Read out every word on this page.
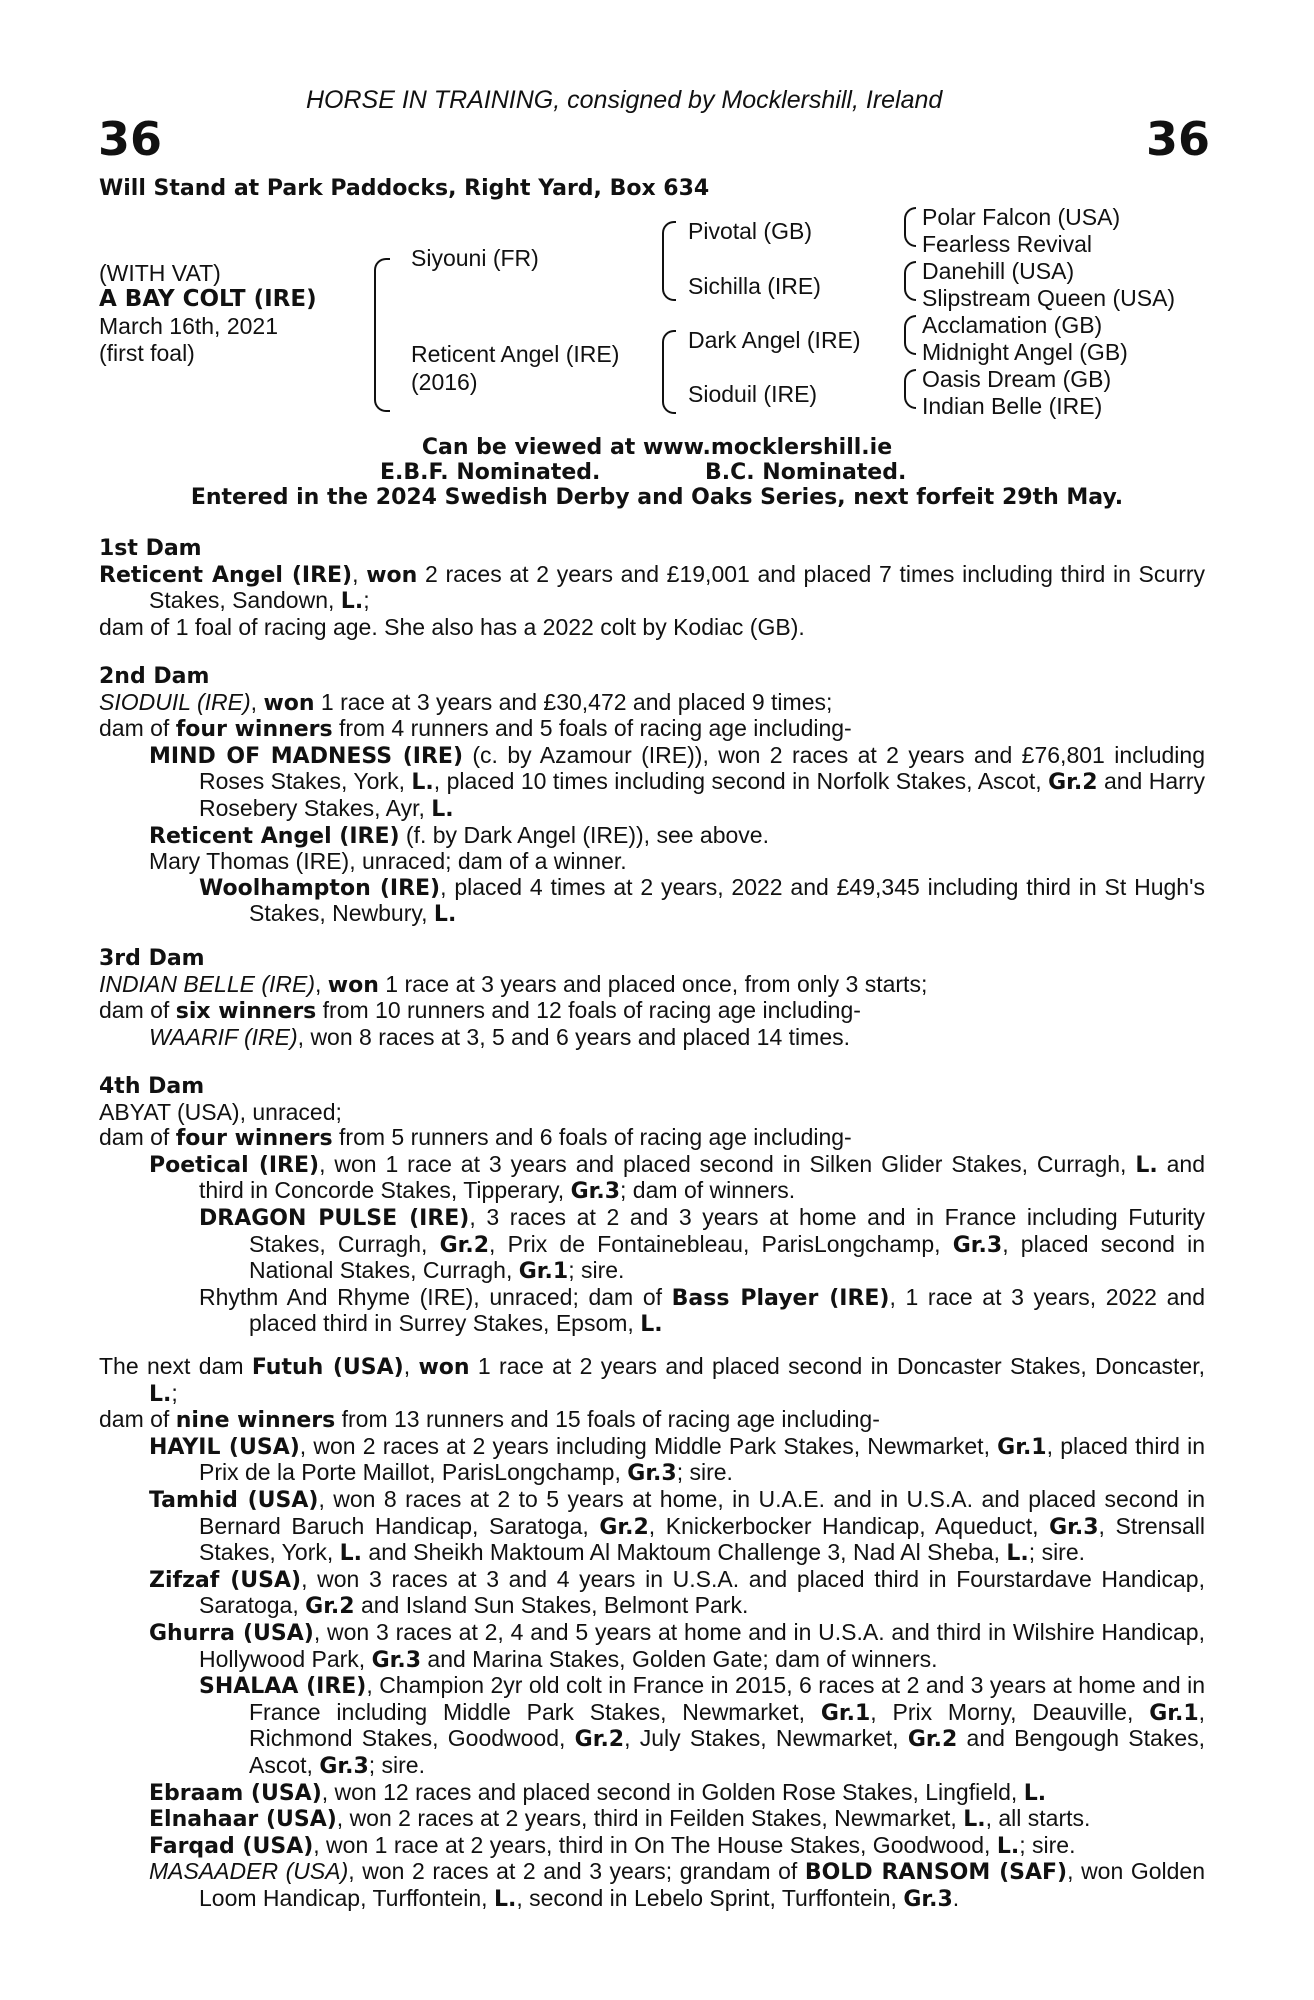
HORSE IN TRAINING, consigned by Mocklershill, Ireland
36	36
Will Stand at Park Paddocks, Right Yard, Box 634
(WITH VAT)
A BAY COLT (IRE)
March 16th, 2021
(first foal)
Siyouni (FR)
Reticent Angel (IRE)
(2016)
Pivotal (GB)
Sichilla (IRE)
Dark Angel (IRE)
Sioduil (IRE)
Polar Falcon (USA)
Fearless Revival
Danehill (USA)
Slipstream Queen (USA)
Acclamation (GB)
Midnight Angel (GB)
Oasis Dream (GB)
Indian Belle (IRE)
Can be viewed at www.mocklershill.ie
E.B.F. Nominated.	B.C. Nominated.
Entered in the 2024 Swedish Derby and Oaks Series, next forfeit 29th May.

1st Dam

Reticent Angel (IRE), won 2 races at 2 years and £19,001 and placed 7 times including third in Scurry Stakes, Sandown, L.;

dam of 1 foal of racing age. She also has a 2022 colt by Kodiac (GB).

2nd Dam

SIODUIL (IRE), won 1 race at 3 years and £30,472 and placed 9 times;

dam of four winners from 4 runners and 5 foals of racing age including-

MIND OF MADNESS (IRE) (c. by Azamour (IRE)), won 2 races at 2 years and £76,801 including Roses Stakes, York, L., placed 10 times including second in Norfolk Stakes, Ascot, Gr.2 and Harry Rosebery Stakes, Ayr, L.

Reticent Angel (IRE) (f. by Dark Angel (IRE)), see above.

Mary Thomas (IRE), unraced; dam of a winner.

Woolhampton (IRE), placed 4 times at 2 years, 2022 and £49,345 including third in St Hugh's Stakes, Newbury, L.

3rd Dam

INDIAN BELLE (IRE), won 1 race at 3 years and placed once, from only 3 starts;

dam of six winners from 10 runners and 12 foals of racing age including-

WAARIF (IRE), won 8 races at 3, 5 and 6 years and placed 14 times.

4th Dam

ABYAT (USA), unraced;

dam of four winners from 5 runners and 6 foals of racing age including-

Poetical (IRE), won 1 race at 3 years and placed second in Silken Glider Stakes, Curragh, L. and third in Concorde Stakes, Tipperary, Gr.3; dam of winners.

DRAGON PULSE (IRE), 3 races at 2 and 3 years at home and in France including Futurity Stakes, Curragh, Gr.2, Prix de Fontainebleau, ParisLongchamp, Gr.3, placed second in National Stakes, Curragh, Gr.1; sire.

Rhythm And Rhyme (IRE), unraced; dam of Bass Player (IRE), 1 race at 3 years, 2022 and placed third in Surrey Stakes, Epsom, L.

The next dam Futuh (USA), won 1 race at 2 years and placed second in Doncaster Stakes, Doncaster, L.;

dam of nine winners from 13 runners and 15 foals of racing age including-

HAYIL (USA), won 2 races at 2 years including Middle Park Stakes, Newmarket, Gr.1, placed third in Prix de la Porte Maillot, ParisLongchamp, Gr.3; sire.

Tamhid (USA), won 8 races at 2 to 5 years at home, in U.A.E. and in U.S.A. and placed second in Bernard Baruch Handicap, Saratoga, Gr.2, Knickerbocker Handicap, Aqueduct, Gr.3, Strensall Stakes, York, L. and Sheikh Maktoum Al Maktoum Challenge 3, Nad Al Sheba, L.; sire.

Zifzaf (USA), won 3 races at 3 and 4 years in U.S.A. and placed third in Fourstardave Handicap, Saratoga, Gr.2 and Island Sun Stakes, Belmont Park.

Ghurra (USA), won 3 races at 2, 4 and 5 years at home and in U.S.A. and third in Wilshire Handicap, Hollywood Park, Gr.3 and Marina Stakes, Golden Gate; dam of winners.

SHALAA (IRE), Champion 2yr old colt in France in 2015, 6 races at 2 and 3 years at home and in France including Middle Park Stakes, Newmarket, Gr.1, Prix Morny, Deauville, Gr.1, Richmond Stakes, Goodwood, Gr.2, July Stakes, Newmarket, Gr.2 and Bengough Stakes, Ascot, Gr.3; sire.

Ebraam (USA), won 12 races and placed second in Golden Rose Stakes, Lingfield, L.

Elnahaar (USA), won 2 races at 2 years, third in Feilden Stakes, Newmarket, L., all starts.

Farqad (USA), won 1 race at 2 years, third in On The House Stakes, Goodwood, L.; sire.

MASAADER (USA), won 2 races at 2 and 3 years; grandam of BOLD RANSOM (SAF), won Golden Loom Handicap, Turffontein, L., second in Lebelo Sprint, Turffontein, Gr.3.
